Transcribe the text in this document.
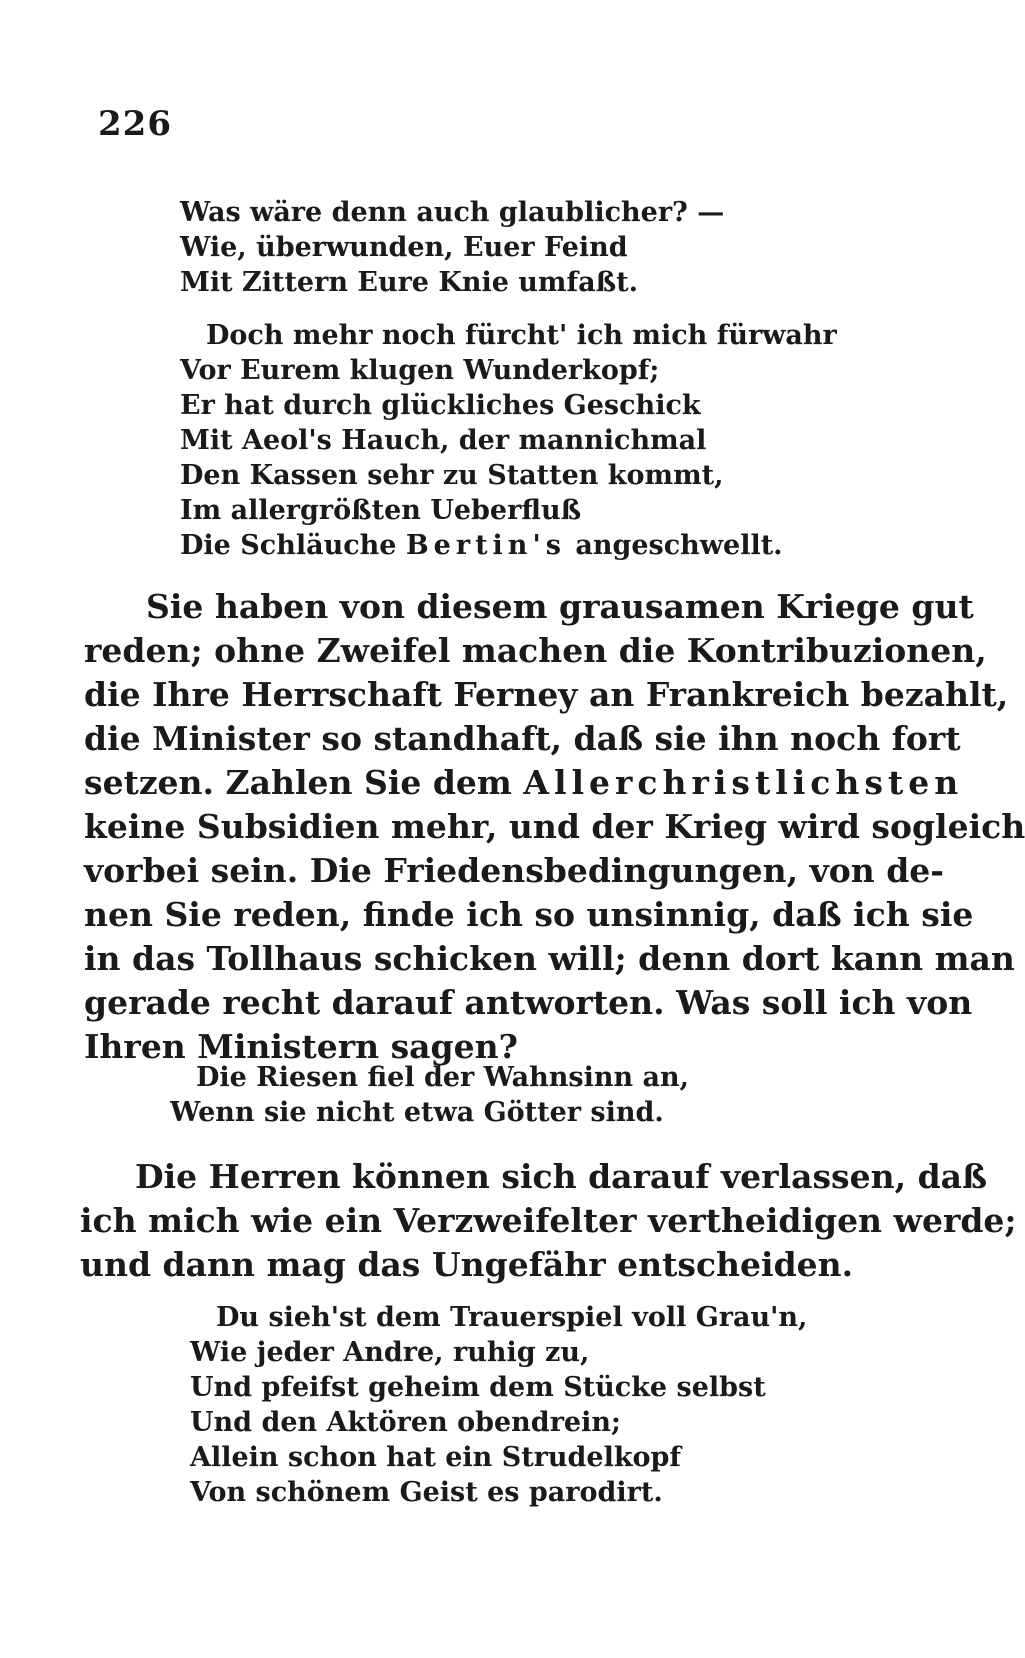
226
Was wäre denn auch glaublicher? —
Wie, überwunden, Euer Feind
Mit Zittern Eure Knie umfaßt.
Doch mehr noch fürcht' ich mich fürwahr
Vor Eurem klugen Wunderkopf;
Er hat durch glückliches Geschick
Mit Aeol's Hauch, der mannichmal
Den Kassen sehr zu Statten kommt,
Im allergrößten Ueberfluß
Die Schläuche Bertin's angeschwellt.
Sie haben von diesem grausamen Kriege gut
reden; ohne Zweifel machen die Kontribuzionen,
die Ihre Herrschaft Ferney an Frankreich bezahlt,
die Minister so standhaft, daß sie ihn noch fort
setzen. Zahlen Sie dem Allerchristlichsten
keine Subsidien mehr, und der Krieg wird sogleich
vorbei sein. Die Friedensbedingungen, von de-
nen Sie reden, finde ich so unsinnig, daß ich sie
in das Tollhaus schicken will; denn dort kann man
gerade recht darauf antworten. Was soll ich von
Ihren Ministern sagen?
Die Riesen fiel der Wahnsinn an,
Wenn sie nicht etwa Götter sind.
Die Herren können sich darauf verlassen, daß
ich mich wie ein Verzweifelter vertheidigen werde;
und dann mag das Ungefähr entscheiden.
Du sieh'st dem Trauerspiel voll Grau'n,
Wie jeder Andre, ruhig zu,
Und pfeifst geheim dem Stücke selbst
Und den Aktören obendrein;
Allein schon hat ein Strudelkopf
Von schönem Geist es parodirt.
